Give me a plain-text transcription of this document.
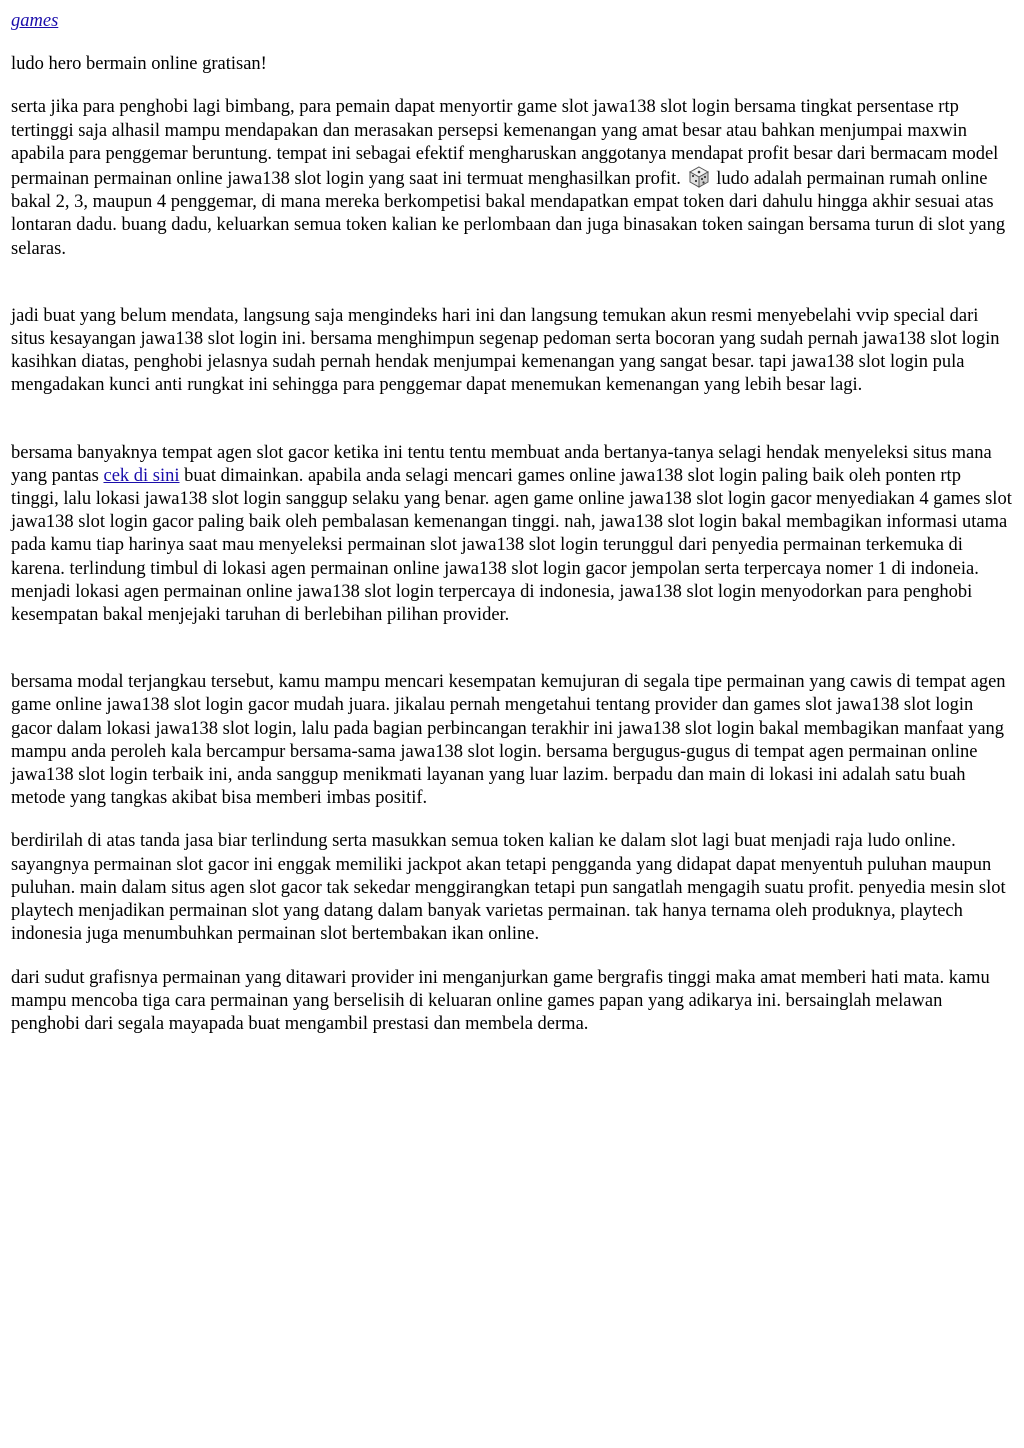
games

ludo hero bermain online gratisan!

serta jika para penghobi lagi bimbang, para pemain dapat menyortir game slot jawa138 slot login bersama tingkat persentase rtp tertinggi saja alhasil mampu mendapakan dan merasakan persepsi kemenangan yang amat besar atau bahkan menjumpai maxwin apabila para penggemar beruntung. tempat ini sebagai efektif mengharuskan anggotanya mendapat profit besar dari bermacam model permainan permainan online jawa138 slot login yang saat ini termuat menghasilkan profit. ludo adalah permainan rumah online bakal 2, 3, maupun 4 penggemar, di mana mereka berkompetisi bakal mendapatkan empat token dari dahulu hingga akhir sesuai atas lontaran dadu. buang dadu, keluarkan semua token kalian ke perlombaan dan juga binasakan token saingan bersama turun di slot yang selaras.

jadi buat yang belum mendata, langsung saja mengindeks hari ini dan langsung temukan akun resmi menyebelahi vvip special dari situs kesayangan jawa138 slot login ini. bersama menghimpun segenap pedoman serta bocoran yang sudah pernah jawa138 slot login kasihkan diatas, penghobi jelasnya sudah pernah hendak menjumpai kemenangan yang sangat besar. tapi jawa138 slot login pula mengadakan kunci anti rungkat ini sehingga para penggemar dapat menemukan kemenangan yang lebih besar lagi.

bersama banyaknya tempat agen slot gacor ketika ini tentu tentu membuat anda bertanya-tanya selagi hendak menyeleksi situs mana yang pantas cek di sini buat dimainkan. apabila anda selagi mencari games online jawa138 slot login paling baik oleh ponten rtp tinggi, lalu lokasi jawa138 slot login sanggup selaku yang benar. agen game online jawa138 slot login gacor menyediakan 4 games slot jawa138 slot login gacor paling baik oleh pembalasan kemenangan tinggi. nah, jawa138 slot login bakal membagikan informasi utama pada kamu tiap harinya saat mau menyeleksi permainan slot jawa138 slot login terunggul dari penyedia permainan terkemuka di karena. terlindung timbul di lokasi agen permainan online jawa138 slot login gacor jempolan serta terpercaya nomer 1 di indoneia. menjadi lokasi agen permainan online jawa138 slot login terpercaya di indonesia, jawa138 slot login menyodorkan para penghobi kesempatan bakal menjejaki taruhan di berlebihan pilihan provider.

bersama modal terjangkau tersebut, kamu mampu mencari kesempatan kemujuran di segala tipe permainan yang cawis di tempat agen game online jawa138 slot login gacor mudah juara. jikalau pernah mengetahui tentang provider dan games slot jawa138 slot login gacor dalam lokasi jawa138 slot login, lalu pada bagian perbincangan terakhir ini jawa138 slot login bakal membagikan manfaat yang mampu anda peroleh kala bercampur bersama-sama jawa138 slot login. bersama bergugus-gugus di tempat agen permainan online jawa138 slot login terbaik ini, anda sanggup menikmati layanan yang luar lazim. berpadu dan main di lokasi ini adalah satu buah metode yang tangkas akibat bisa memberi imbas positif.

berdirilah di atas tanda jasa biar terlindung serta masukkan semua token kalian ke dalam slot lagi buat menjadi raja ludo online. sayangnya permainan slot gacor ini enggak memiliki jackpot akan tetapi pengganda yang didapat dapat menyentuh puluhan maupun puluhan. main dalam situs agen slot gacor tak sekedar menggirangkan tetapi pun sangatlah mengagih suatu profit. penyedia mesin slot playtech menjadikan permainan slot yang datang dalam banyak varietas permainan. tak hanya ternama oleh produknya, playtech indonesia juga menumbuhkan permainan slot bertembakan ikan online.

dari sudut grafisnya permainan yang ditawari provider ini menganjurkan game bergrafis tinggi maka amat memberi hati mata. kamu mampu mencoba tiga cara permainan yang berselisih di keluaran online games papan yang adikarya ini. bersainglah melawan penghobi dari segala mayapada buat mengambil prestasi dan membela derma.
